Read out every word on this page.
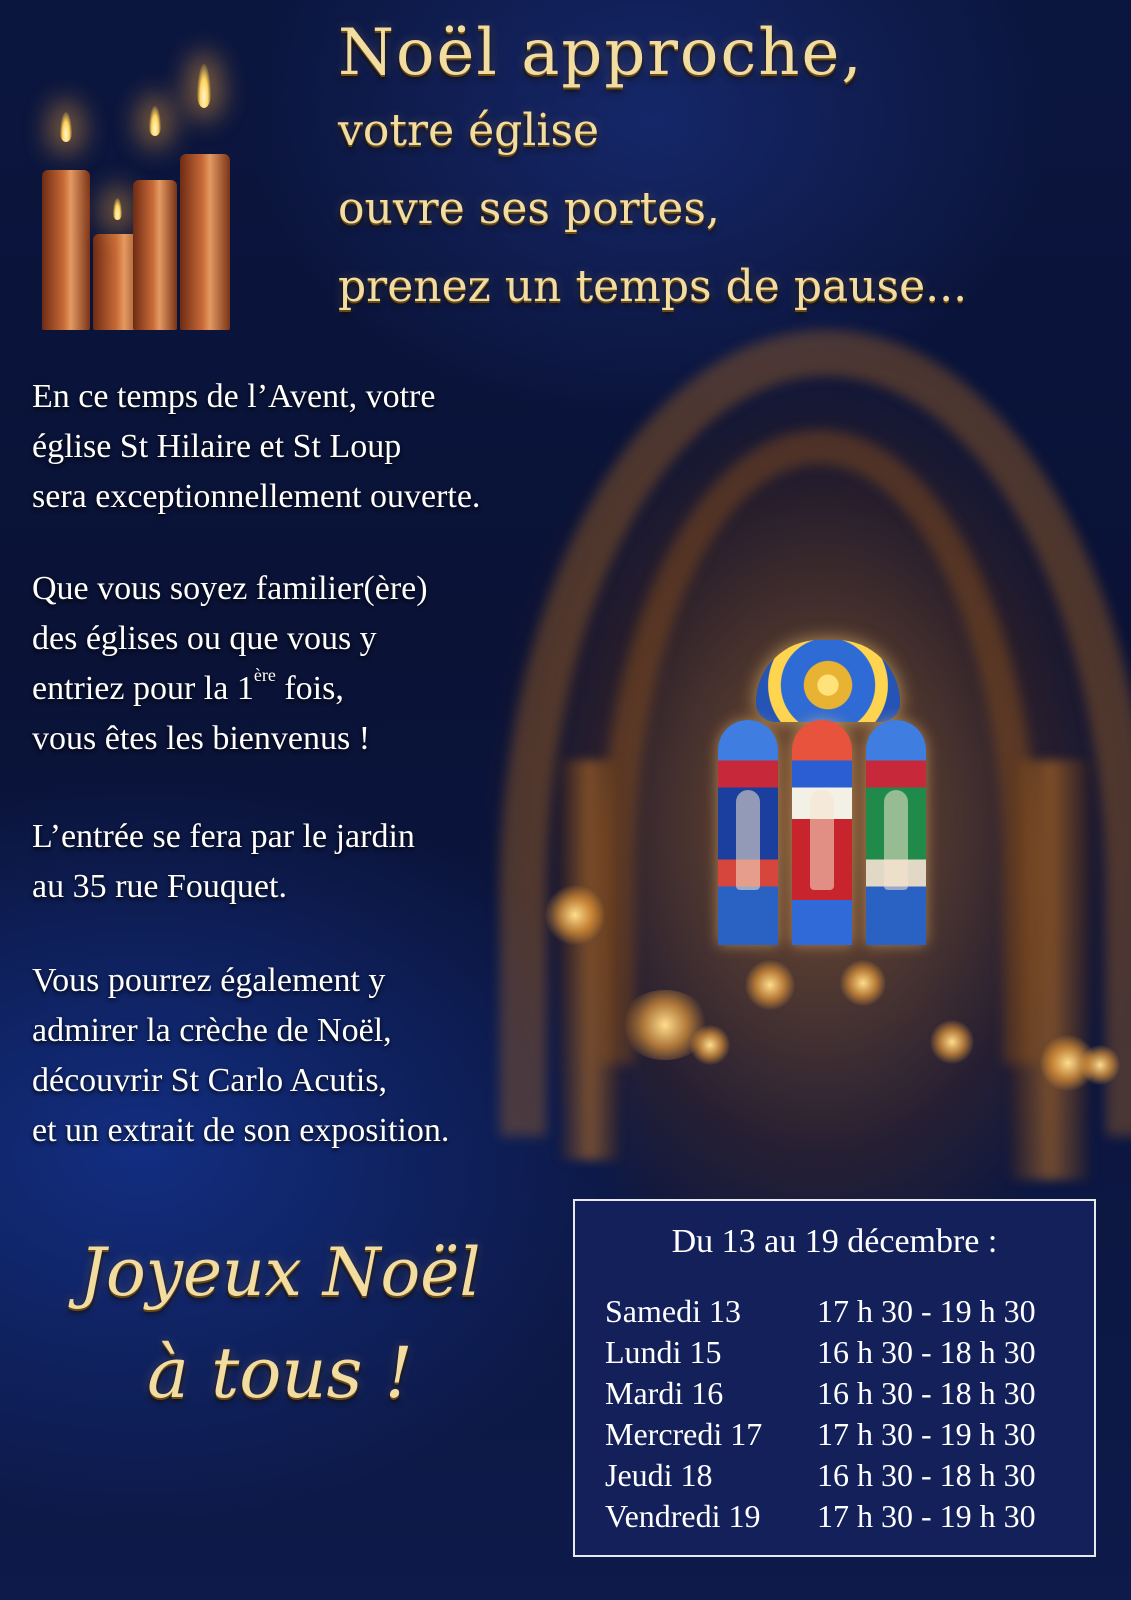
Noël approche,

votre église
ouvre ses portes,
prenez un temps de pause...

En ce temps de l’Avent, votre

église St Hilaire et St Loup

sera exceptionnellement ouverte.

Que vous soyez familier(ère)

des églises ou que vous y

entriez pour la 1ère fois,

vous êtes les bienvenus !

L’entrée se fera par le jardin

au 35 rue Fouquet.

Vous pourrez également y

admirer la crèche de Noël,

découvrir St Carlo Acutis,

et un extrait de son exposition.

Joyeux Noël
à tous !
Du 13 au 19 décembre :
Samedi 13	17 h 30 - 19 h 30
Lundi 15	16 h 30 - 18 h 30
Mardi 16	16 h 30 - 18 h 30
Mercredi 17	17 h 30 - 19 h 30
Jeudi 18	16 h 30 - 18 h 30
Vendredi 19	17 h 30 - 19 h 30
